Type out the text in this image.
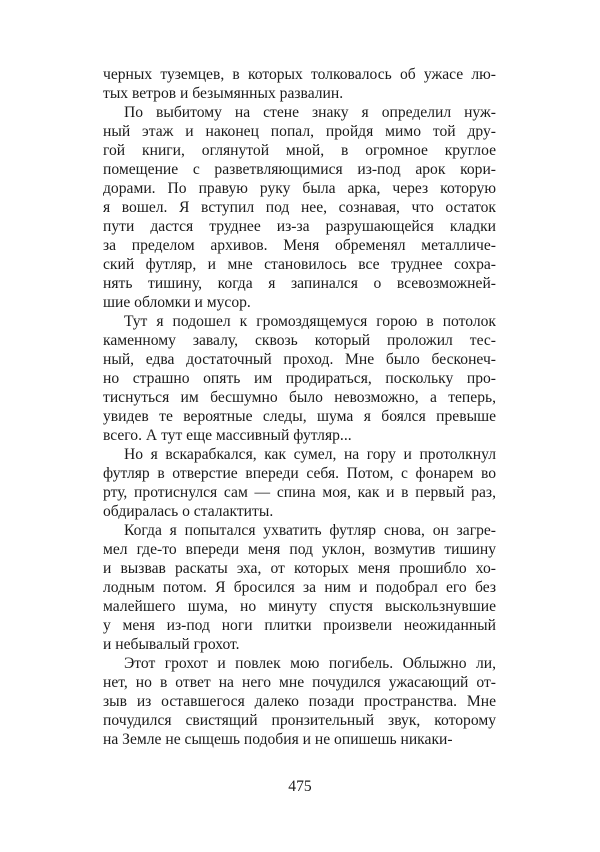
черных туземцев, в которых толковалось об ужасе лю-
тых ветров и безымянных развалин.
По выбитому на стене знаку я определил нуж-
ный этаж и наконец попал, пройдя мимо той дру-
гой книги, оглянутой мной, в огромное круглое
помещение с разветвляющимися из-под арок кори-
дорами. По правую руку была арка, через которую
я вошел. Я вступил под нее, сознавая, что остаток
пути дастся труднее из-за разрушающейся кладки
за пределом архивов. Меня обременял металличе-
ский футляр, и мне становилось все труднее сохра-
нять тишину, когда я запинался о всевозможней-
шие обломки и мусор.
Тут я подошел к громоздящемуся горою в потолок
каменному завалу, сквозь который проложил тес-
ный, едва достаточный проход. Мне было бесконеч-
но страшно опять им продираться, поскольку про-
тиснуться им бесшумно было невозможно, а теперь,
увидев те вероятные следы, шума я боялся превыше
всего. А тут еще массивный футляр...
Но я вскарабкался, как сумел, на гору и протолкнул
футляр в отверстие впереди себя. Потом, с фонарем во
рту, протиснулся сам — спина моя, как и в первый раз,
обдиралась о сталактиты.
Когда я попытался ухватить футляр снова, он загре-
мел где-то впереди меня под уклон, возмутив тишину
и вызвав раскаты эха, от которых меня прошибло хо-
лодным потом. Я бросился за ним и подобрал его без
малейшего шума, но минуту спустя выскользнувшие
у меня из-под ноги плитки произвели неожиданный
и небывалый грохот.
Этот грохот и повлек мою погибель. Облыжно ли,
нет, но в ответ на него мне почудился ужасающий от-
зыв из оставшегося далеко позади пространства. Мне
почудился свистящий пронзительный звук, которому
на Земле не сыщешь подобия и не опишешь никаки-
475
